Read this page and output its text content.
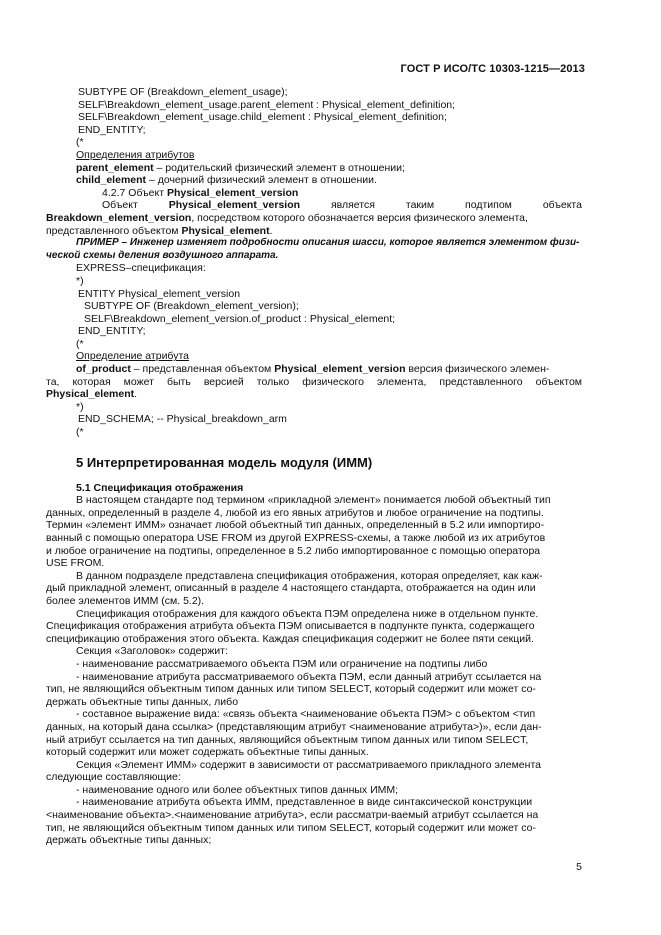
ГОСТ Р ИСО/ТС 10303-1215—2013
SUBTYPE OF (Breakdown_element_usage);
SELF\Breakdown_element_usage.parent_element : Physical_element_definition;
SELF\Breakdown_element_usage.child_element : Physical_element_definition;
END_ENTITY;
(*
Определения атрибутов
parent_element – родительский физический элемент в отношении;
child_element – дочерний физический элемент в отношении.
4.2.7 Объект Physical_element_version
Объект	Physical_element_version	является	таким	подтипом	объекта
Breakdown_element_version, посредством которого обозначается версия физического элемента,
представленного объектом Physical_element.
ПРИМЕР – Инженер изменяет подробности описания шасси, которое является элементом физи-
ческой схемы деления воздушного аппарата.
EXPRESS–спецификация:
*)
ENTITY Physical_element_version
SUBTYPE OF (Breakdown_element_version);
SELF\Breakdown_element_version.of_product : Physical_element;
END_ENTITY;
(*
Определение атрибута
of_product – представленная объектом Physical_element_version версия физического элемен-
та, которая может быть версией только физического элемента, представленного объектом
Physical_element.
*)
END_SCHEMA; -- Physical_breakdown_arm
(*
5 Интерпретированная модель модуля (ИММ)
5.1 Спецификация отображения
В настоящем стандарте под термином «прикладной элемент» понимается любой объектный тип
данных, определенный в разделе 4, любой из его явных атрибутов и любое ограничение на подтипы.
Термин «элемент ИММ» означает любой объектный тип данных, определенный в 5.2 или импортиро-
ванный с помощью оператора USE FROM из другой EXPRESS-схемы, а также любой из их атрибутов
и любое ограничение на подтипы, определенное в 5.2 либо импортированное с помощью оператора
USE FROM.
В данном подразделе представлена спецификация отображения, которая определяет, как каж-
дый прикладной элемент, описанный в разделе 4 настоящего стандарта, отображается на один или
более элементов ИММ (см. 5.2).
Спецификация отображения для каждого объекта ПЭМ определена ниже в отдельном пункте.
Спецификация отображения атрибута объекта ПЭМ описывается в подпункте пункта, содержащего
спецификацию отображения этого объекта. Каждая спецификация содержит не более пяти секций.
Секция «Заголовок» содержит:
- наименование рассматриваемого объекта ПЭМ или ограничение на подтипы либо
- наименование атрибута рассматриваемого объекта ПЭМ, если данный атрибут ссылается на
тип, не являющийся объектным типом данных или типом SELECT, который содержит или может со-
держать объектные типы данных, либо
- составное выражение вида: «связь объекта <наименование объекта ПЭМ> с объектом <тип
данных, на который дана ссылка> (представляющим атрибут <наименование атрибута>)», если дан-
ный атрибут ссылается на тип данных, являющийся объектным типом данных или типом SELECT,
который содержит или может содержать объектные типы данных.
Секция «Элемент ИММ» содержит в зависимости от рассматриваемого прикладного элемента
следующие составляющие:
- наименование одного или более объектных типов данных ИММ;
- наименование атрибута объекта ИММ, представленное в виде синтаксической конструкции
<наименование объекта>.<наименование атрибута>, если рассматри-ваемый атрибут ссылается на
тип, не являющийся объектным типом данных или типом SELECT, который содержит или может со-
держать объектные типы данных;
5
